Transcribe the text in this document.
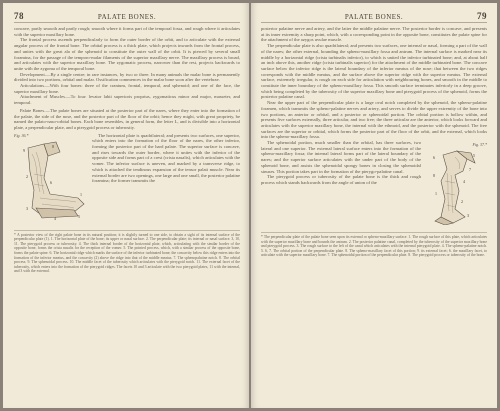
78	PALATE BONES.

concave, partly smooth and partly rough; smooth where it forms part of the temporal fossa, and rough where it articulates with the superior maxillary bone.

The frontal process ascends perpendicularly to form the outer border of the orbit, and to articulate with the external angular process of the frontal bone. The orbital process is a thick plate, which projects inwards from the frontal process, and unites with the great ala of the sphenoid to constitute the outer wall of the orbit. It is pierced by several small foramina, for the passage of the temporo-malar filaments of the superior maxillary nerve. The maxillary process is broad, and articulates with the superior maxillary bone. The zygomatic process, narrower than the rest, projects backwards to unite with the zygoma of the temporal bone.

Development.—By a single centre; in rare instances, by two or three. In many animals the malar bone is permanently divided into two portions, orbital and malar. Ossification commences in the malar bone soon after the vertebrae.

Articulations.—With four bones: three of the cranium, frontal, temporal, and sphenoid; and one of the face, the superior maxillary bone.

Attachment of Muscles.—To four: levator labii superioris proprius, zygomaticus minor and major, masseter, and temporal.

Palate Bones.—The palate bones are situated at the posterior part of the nares, where they enter into the formation of the palate, the side of the nose, and the posterior part of the floor of the orbit; hence they might, with great propriety, be named the palato-naso-orbital bones. Each bone resembles, in general form, the letter L, and is divisible into a horizontal plate, a perpendicular plate, and a pterygoid process or tuberosity.

Fig. 36.*
9
8
2
6
1
3
4	5

The horizontal plate is quadrilateral; and presents two surfaces, one superior, which enters into the formation of the floor of the nares, the other inferior, forming the posterior part of the hard palate. The superior surface is concave, and rises towards the outer border, where it unites with the inferior of the opposite side and forms part of a crest (crista nasalis), which articulates with the vomer. The inferior surface is uneven, and marked by a transverse ridge, to which is attached the tendinous expansion of the tensor palati muscle. Near its external border are two openings, one large and one small, the posterior palatine foramina; the former transmits the

* A posterior view of the right palate bone in its natural position; it is slightly turned to one side, to obtain a sight of its internal surface of the perpendicular plate (1). 1. The horizontal plate of the bone; its upper or nasal surface. 2. The perpendicular plate; its internal or nasal surface. 3, 10, 11. The pterygoid process or tuberosity. 4. The thick internal border of the horizontal plate, which, articulating with the similar border of the opposite bone, forms the crista nasalis for the reception of the vomer. 5. The pointed process, which, with a similar process of the opposite bone, forms the palate spine. 6. The horizontal ridge which marks the surface of the inferior turbinated bone; the concavity below this ridge enters into the formation of the inferior meatus, and the concavity (2) above the ridge into that of the middle meatus. 7. The sphenopalatine notch. 8. The orbital process. 9. The sphenoidal process. 10. The middle facet of the tuberosity which articulates with the pterygoid notch. 11. The external facet of the tuberosity, which enters into the formation of the pterygoid ridges. The facets 10 and 3 articulate with the two pterygoid plates, 11 with the internal, and 3 with the external.
PALATE BONES.	79

posterior palatine nerve and artery, and the latter the middle palatine nerve. The posterior border is concave, and presents at its inner extremity a sharp point, which, with a corresponding point in the opposite bone, constitutes the palate spine for the attachment of the azygos uvulae muscle.

The perpendicular plate is also quadrilateral; and presents two surfaces, one internal or nasal, forming a part of the wall of the nares; the other external, bounding the spheno-maxillary fossa and antrum. The internal surface is marked near its middle by a horizontal ridge (crista turbinalis inferior), to which is united the inferior turbinated bone; and, at about half an inch above this, another ridge (crista turbinalis superior) for the attachment of the middle turbinated bone. The concave surface below the inferior ridge is the lateral boundary of the inferior meatus of the nose; that between the two ridges corresponds with the middle meatus, and the surface above the superior ridge with the superior meatus. The external surface, extremely irregular, is rough on each side for articulation with neighbouring bones, and smooth in the middle to constitute the inner boundary of the spheno-maxillary fossa. This smooth surface terminates inferiorly in a deep groove, which being completed by the tuberosity of the superior maxillary bone and pterygoid process of the sphenoid, forms the posterior palatine canal.

Near the upper part of the perpendicular plate is a large oval notch completed by the sphenoid, the spheno-palatine foramen, which transmits the spheno-palatine nerves and artery, and serves to divide the upper extremity of the bone into two portions, an anterior or orbital, and a posterior or sphenoidal portion. The orbital portion is hollow within, and presents five surfaces externally, three articular, and two free; the three articular are the anterior, which looks forward and articulates with the superior maxillary bone, the internal with the ethmoid, and the posterior with the sphenoid. The free surfaces are the superior or orbital, which forms the posterior part of the floor of the orbit, and the external, which looks into the spheno-maxillary fossa.

Fig. 37.*
5
6
7
8
4
1
2
3

The sphenoidal portion, much smaller than the orbital, has three surfaces, two lateral and one superior. The external lateral surface enters into the formation of the spheno-maxillary fossa; the internal lateral forms part of the lateral boundary of the nares; and the superior surface articulates with the under part of the body of the sphenoid bone, and assists the sphenoidal spongy bones in closing the sphenoidal sinuses. This portion takes part in the formation of the pterygo-palatine canal.

The pterygoid process or tuberosity of the palate bone is the thick and rough process which stands backwards from the angle of union of the

* The perpendicular plate of the palate bone seen upon its external or spheno-maxillary surface. 1. The rough surface of this plate, which articulates with the superior maxillary bone and bounds the antrum. 2. The posterior palatine canal, completed by the tuberosity of the superior maxillary bone and pterygoid process. 3. The rough surface to the left of the canal which articulates with the internal pterygoid plate. 4. The spheno-palatine notch. 5. 6, 7. The orbital portion of the perpendicular plate. 8. The spheno-maxillary facet of this portion; 9. its external facet; 6. the maxillary facet, to articulate with the superior maxillary bone. 7. The sphenoidal portion of the perpendicular plate. 8. The pterygoid process or tuberosity of the bone.
